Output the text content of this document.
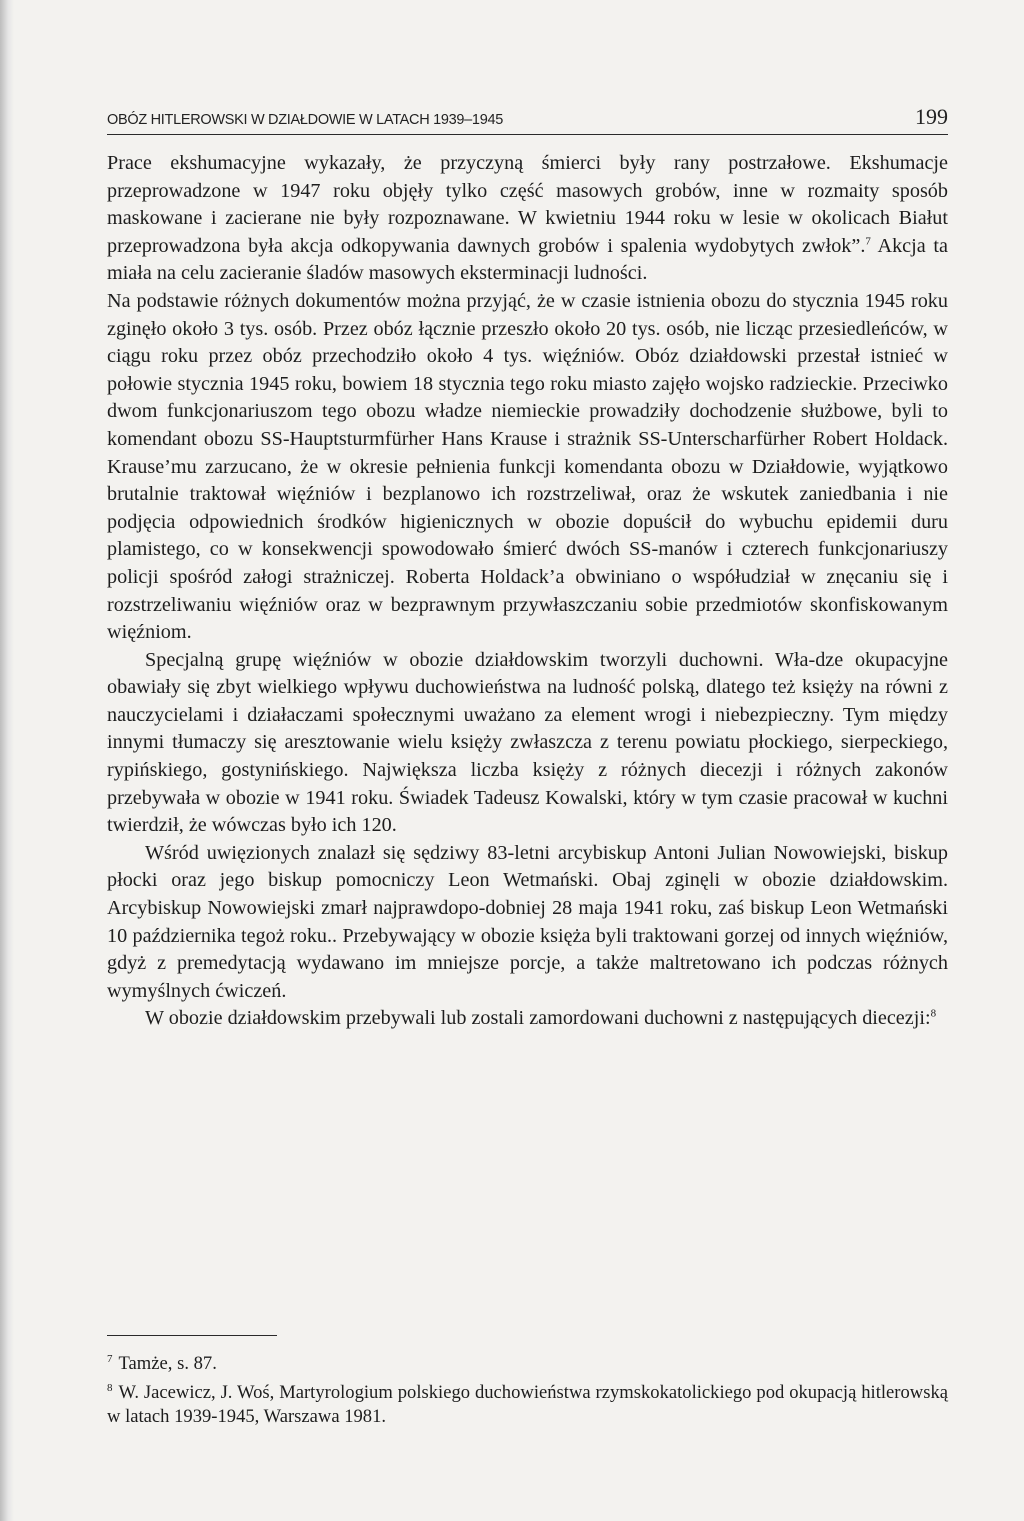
OBÓZ HITLEROWSKI W DZIAŁDOWIE W LATACH 1939–1945	199

Prace ekshumacyjne wykazały, że przyczyną śmierci były rany postrzałowe. Ekshumacje przeprowadzone w 1947 roku objęły tylko część masowych grobów, inne w rozmaity sposób maskowane i zacierane nie były rozpoznawane. W kwietniu 1944 roku w lesie w okolicach Białut przeprowadzona była akcja odkopywania dawnych grobów i spalenia wydobytych zwłok”.$^7$ Akcja ta miała na celu zacieranie śladów masowych eksterminacji ludności.

Na podstawie różnych dokumentów można przyjąć, że w czasie istnienia obozu do stycznia 1945 roku zginęło około 3 tys. osób. Przez obóz łącznie przeszło około 20 tys. osób, nie licząc przesiedleńców, w ciągu roku przez obóz przechodziło około 4 tys. więźniów. Obóz działdowski przestał istnieć w połowie stycznia 1945 roku, bowiem 18 stycznia tego roku miasto zajęło wojsko radzieckie. Przeciwko dwom funkcjonariuszom tego obozu władze niemieckie prowadziły dochodzenie służbowe, byli to komendant obozu SS-Hauptsturmfürher Hans Krause i strażnik SS-Unterscharfürher Robert Holdack. Krause’mu zarzucano, że w okresie pełnienia funkcji komendanta obozu w Działdowie, wyjątkowo brutalnie traktował więźniów i bezplanowo ich rozstrzeliwał, oraz że wskutek zaniedbania i nie podjęcia odpowiednich środków higienicznych w obozie dopuścił do wybuchu epidemii duru plamistego, co w konsekwencji spowodowało śmierć dwóch SS-manów i czterech funkcjonariuszy policji spośród załogi strażniczej. Roberta Holdack’a obwiniano o współudział w znęcaniu się i rozstrzeliwaniu więźniów oraz w bezprawnym przywłaszczaniu sobie przedmiotów skonfiskowanym więźniom.

Specjalną grupę więźniów w obozie działdowskim tworzyli duchowni. Wła-dze okupacyjne obawiały się zbyt wielkiego wpływu duchowieństwa na ludność polską, dlatego też księży na równi z nauczycielami i działaczami społecznymi uważano za element wrogi i niebezpieczny. Tym między innymi tłumaczy się aresztowanie wielu księży zwłaszcza z terenu powiatu płockiego, sierpeckiego, rypińskiego, gostynińskiego. Największa liczba księży z różnych diecezji i różnych zakonów przebywała w obozie w 1941 roku. Świadek Tadeusz Kowalski, który w tym czasie pracował w kuchni twierdził, że wówczas było ich 120.

Wśród uwięzionych znalazł się sędziwy 83-letni arcybiskup Antoni Julian Nowowiejski, biskup płocki oraz jego biskup pomocniczy Leon Wetmański. Obaj zginęli w obozie działdowskim. Arcybiskup Nowowiejski zmarł najprawdopo-dobniej 28 maja 1941 roku, zaś biskup Leon Wetmański 10 października tegoż roku.. Przebywający w obozie księża byli traktowani gorzej od innych więźniów, gdyż z premedytacją wydawano im mniejsze porcje, a także maltretowano ich podczas różnych wymyślnych ćwiczeń.

W obozie działdowskim przebywali lub zostali zamordowani duchowni z następujących diecezji:$^8$

$^7$ Tamże, s. 87.

$^8$ W. Jacewicz, J. Woś, Martyrologium polskiego duchowieństwa rzymskokatolickiego pod okupacją hitlerowską w latach 1939-1945, Warszawa 1981.
